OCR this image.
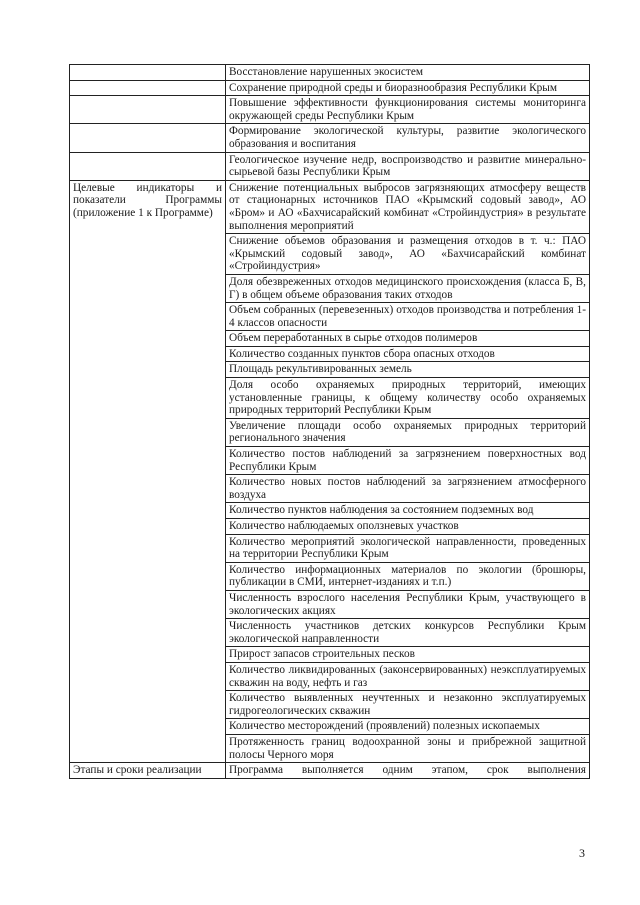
	Восстановление нарушенных экосистем
	Сохранение природной среды и биоразнообразия Республики Крым
	Повышение эффективности функционирования системы мониторинга окружающей среды Республики Крым
	Формирование экологической культуры, развитие экологического образования и воспитания
	Геологическое изучение недр, воспроизводство и развитие минерально-сырьевой базы Республики Крым
Целевые индикаторы и показатели Программы (приложение 1 к Программе)	Снижение потенциальных выбросов загрязняющих атмосферу веществ от стационарных источников ПАО «Крымский содовый завод», АО «Бром» и АО «Бахчисарайский комбинат «Стройиндустрия» в результате выполнения мероприятий
	Снижение объемов образования и размещения отходов в т. ч.: ПАО «Крымский содовый завод», АО «Бахчисарайский комбинат «Стройиндустрия»
	Доля обезвреженных отходов медицинского происхождения (класса Б, В, Г) в общем объеме образования таких отходов
	Объем собранных (перевезенных) отходов производства и потребления 1-4 классов опасности
	Объем переработанных в сырье отходов полимеров
	Количество созданных пунктов сбора опасных отходов
	Площадь рекультивированных земель
	Доля особо охраняемых природных территорий, имеющих установленные границы, к общему количеству особо охраняемых природных территорий Республики Крым
	Увеличение площади особо охраняемых природных территорий регионального значения
	Количество постов наблюдений за загрязнением поверхностных вод Республики Крым
	Количество новых постов наблюдений за загрязнением атмосферного воздуха
	Количество пунктов наблюдения за состоянием подземных вод
	Количество наблюдаемых оползневых участков
	Количество мероприятий экологической направленности, проведенных на территории Республики Крым
	Количество информационных материалов по экологии (брошюры, публикации в СМИ, интернет-изданиях и т.п.)
	Численность взрослого населения Республики Крым, участвующего в экологических акциях
	Численность участников детских конкурсов Республики Крым экологической направленности
	Прирост запасов строительных песков
	Количество ликвидированных (законсервированных) неэксплуатируемых скважин на воду, нефть и газ
	Количество выявленных неучтенных и незаконно эксплуатируемых гидрогеологических скважин
	Количество месторождений (проявлений) полезных ископаемых
	Протяженность границ водоохранной зоны и прибрежной защитной полосы Черного моря
Этапы и сроки реализации	Программа выполняется одним этапом, срок выполнения
3
